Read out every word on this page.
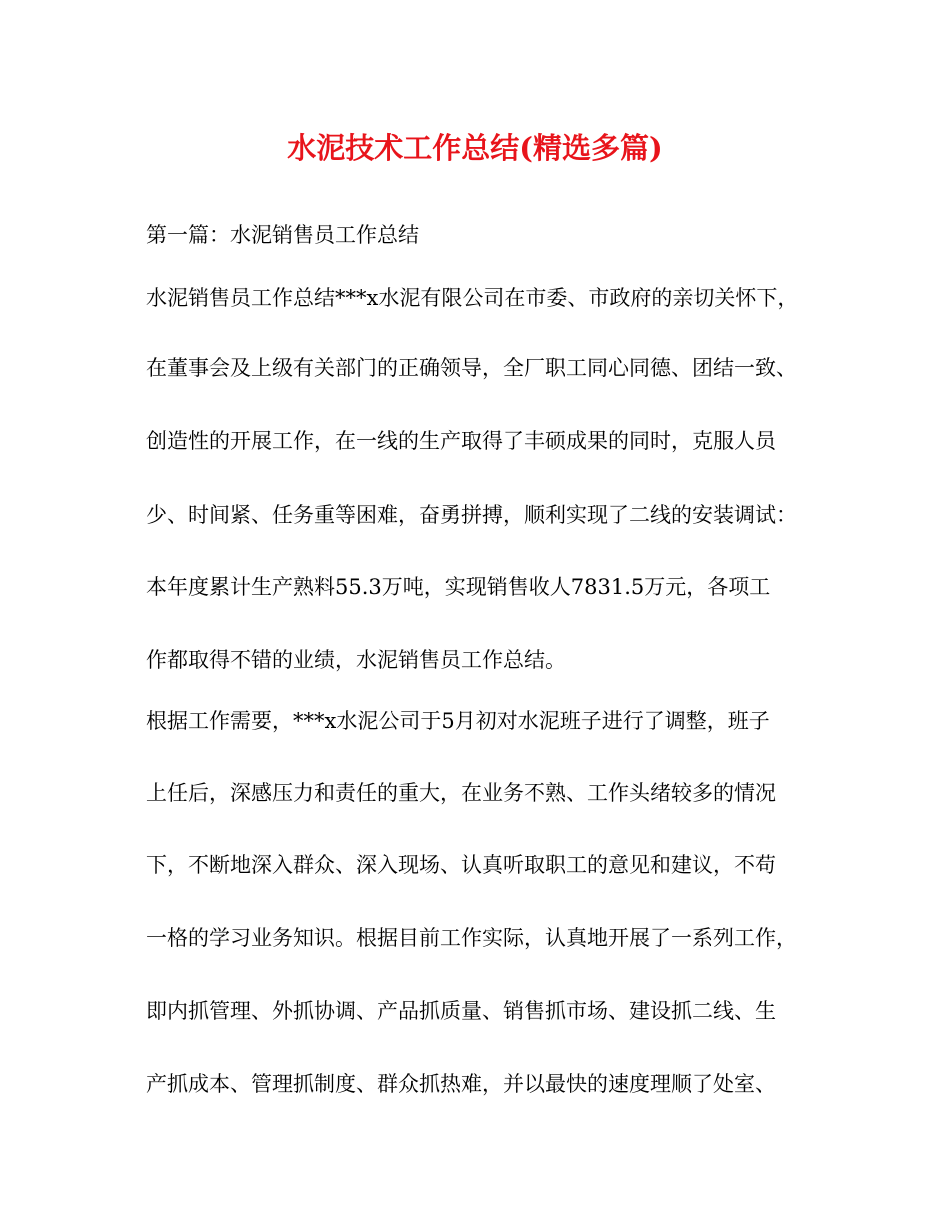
水泥技术工作总结(精选多篇)
第一篇：水泥销售员工作总结
水泥销售员工作总结***x水泥有限公司在市委、市政府的亲切关怀下，
在董事会及上级有关部门的正确领导，全厂职工同心同德、团结一致、
创造性的开展工作，在一线的生产取得了丰硕成果的同时，克服人员
少、时间紧、任务重等困难，奋勇拼搏，顺利实现了二线的安装调试：
本年度累计生产熟料55.3万吨，实现销售收人7831.5万元，各项工
作都取得不错的业绩，水泥销售员工作总结。
根据工作需要，***x水泥公司于5月初对水泥班子进行了调整，班子
上任后，深感压力和责任的重大，在业务不熟、工作头绪较多的情况
下，不断地深入群众、深入现场、认真听取职工的意见和建议，不苟
一格的学习业务知识。根据目前工作实际，认真地开展了一系列工作，
即内抓管理、外抓协调、产品抓质量、销售抓市场、建设抓二线、生
产抓成本、管理抓制度、群众抓热难，并以最快的速度理顺了处室、
